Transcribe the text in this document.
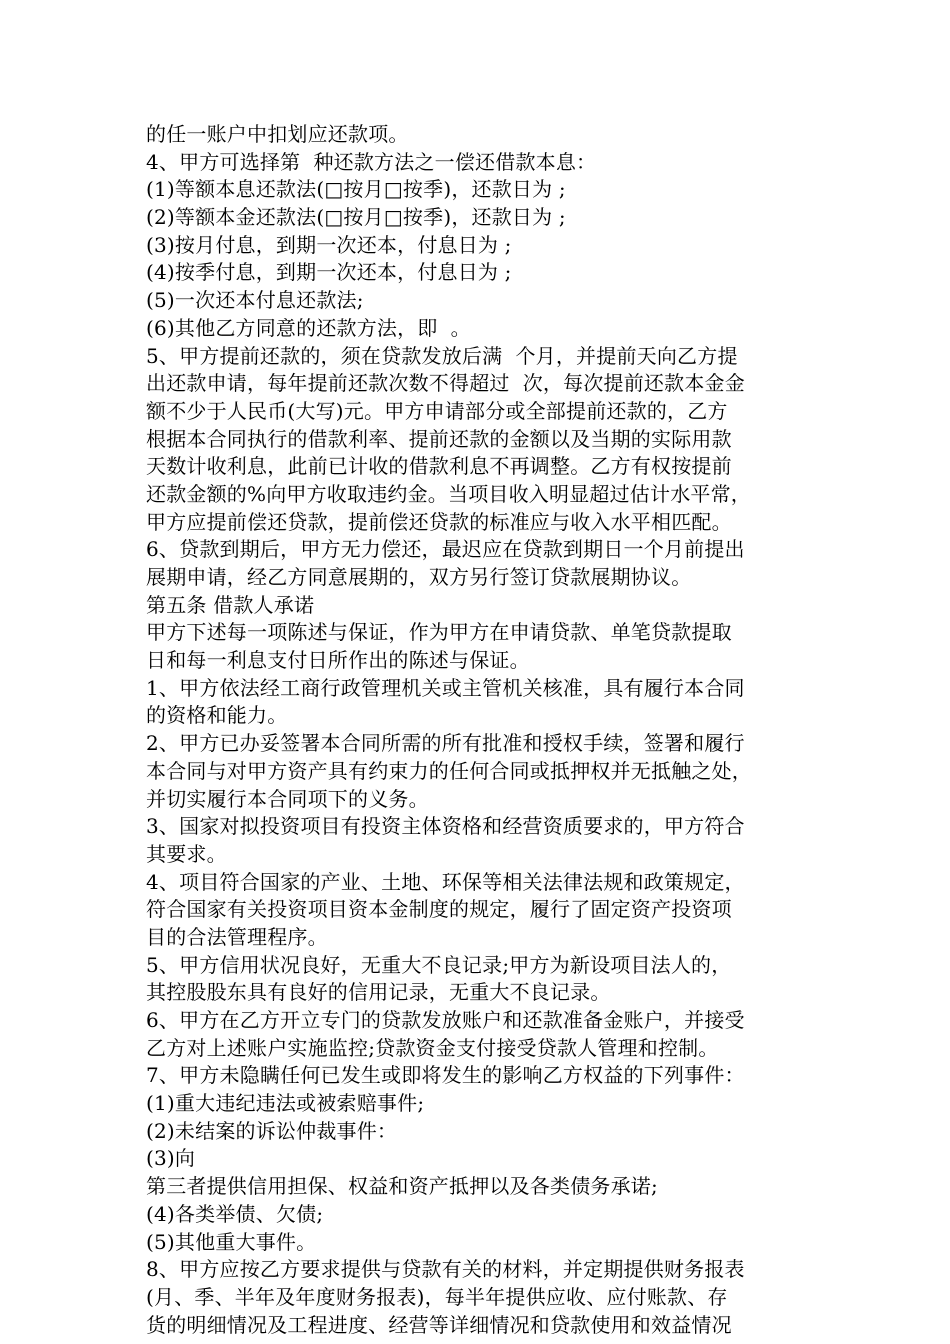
的任一账户中扣划应还款项。
4、甲方可选择第  种还款方法之一偿还借款本息：
(1)等额本息还款法(□按月□按季)，还款日为 ;
(2)等额本金还款法(□按月□按季)，还款日为 ;
(3)按月付息，到期一次还本，付息日为 ;
(4)按季付息，到期一次还本，付息日为 ;
(5)一次还本付息还款法;
(6)其他乙方同意的还款方法，即  。
5、甲方提前还款的，须在贷款发放后满  个月，并提前天向乙方提
出还款申请，每年提前还款次数不得超过  次，每次提前还款本金金
额不少于人民币(大写)元。甲方申请部分或全部提前还款的，乙方
根据本合同执行的借款利率、提前还款的金额以及当期的实际用款
天数计收利息，此前已计收的借款利息不再调整。乙方有权按提前
还款金额的%向甲方收取违约金。当项目收入明显超过估计水平常，
甲方应提前偿还贷款，提前偿还贷款的标准应与收入水平相匹配。
6、贷款到期后，甲方无力偿还，最迟应在贷款到期日一个月前提出
展期申请，经乙方同意展期的，双方另行签订贷款展期协议。
第五条 借款人承诺
甲方下述每一项陈述与保证，作为甲方在申请贷款、单笔贷款提取
日和每一利息支付日所作出的陈述与保证。
1、甲方依法经工商行政管理机关或主管机关核准，具有履行本合同
的资格和能力。
2、甲方已办妥签署本合同所需的所有批准和授权手续，签署和履行
本合同与对甲方资产具有约束力的任何合同或抵押权并无抵触之处，
并切实履行本合同项下的义务。
3、国家对拟投资项目有投资主体资格和经营资质要求的，甲方符合
其要求。
4、项目符合国家的产业、土地、环保等相关法律法规和政策规定，
符合国家有关投资项目资本金制度的规定，履行了固定资产投资项
目的合法管理程序。
5、甲方信用状况良好，无重大不良记录;甲方为新设项目法人的，
其控股股东具有良好的信用记录，无重大不良记录。
6、甲方在乙方开立专门的贷款发放账户和还款准备金账户，并接受
乙方对上述账户实施监控;贷款资金支付接受贷款人管理和控制。
7、甲方未隐瞒任何已发生或即将发生的影响乙方权益的下列事件：
(1)重大违纪违法或被索赔事件;
(2)未结案的诉讼仲裁事件：
(3)向
第三者提供信用担保、权益和资产抵押以及各类债务承诺;
(4)各类举债、欠债;
(5)其他重大事件。
8、甲方应按乙方要求提供与贷款有关的材料，并定期提供财务报表
(月、季、半年及年度财务报表)，每半年提供应收、应付账款、存
货的明细情况及工程进度、经营等详细情况和贷款使用和效益情况
